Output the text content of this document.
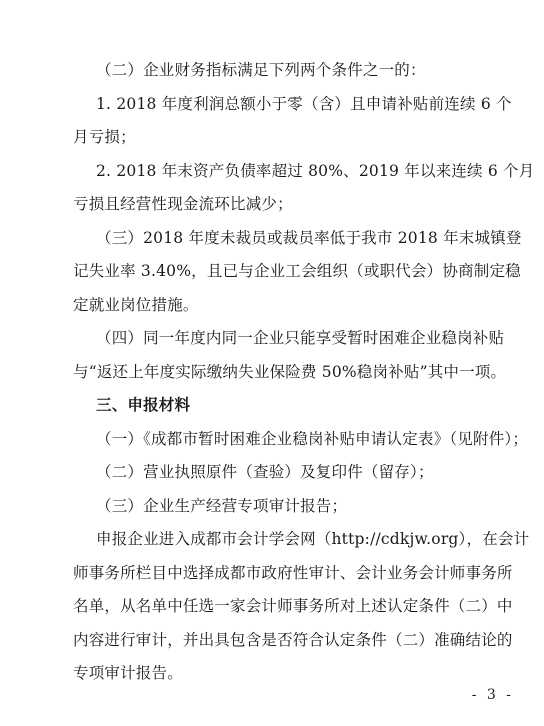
（二）企业财务指标满足下列两个条件之一的：
1. 2018 年度利润总额小于零（含）且申请补贴前连续 6 个
月亏损；
2. 2018 年末资产负债率超过 80%、2019 年以来连续 6 个月
亏损且经营性现金流环比减少；
（三）2018 年度未裁员或裁员率低于我市 2018 年末城镇登
记失业率 3.40%，且已与企业工会组织（或职代会）协商制定稳
定就业岗位措施。
（四）同一年度内同一企业只能享受暂时困难企业稳岗补贴
与“返还上年度实际缴纳失业保险费 50%稳岗补贴”其中一项。
三、申报材料
（一）《成都市暂时困难企业稳岗补贴申请认定表》（见附件）；
（二）营业执照原件（查验）及复印件（留存）；
（三）企业生产经营专项审计报告；
申报企业进入成都市会计学会网（http://cdkjw.org），在会计
师事务所栏目中选择成都市政府性审计、会计业务会计师事务所
名单，从名单中任选一家会计师事务所对上述认定条件（二）中
内容进行审计，并出具包含是否符合认定条件（二）准确结论的
专项审计报告。
- 3 -
